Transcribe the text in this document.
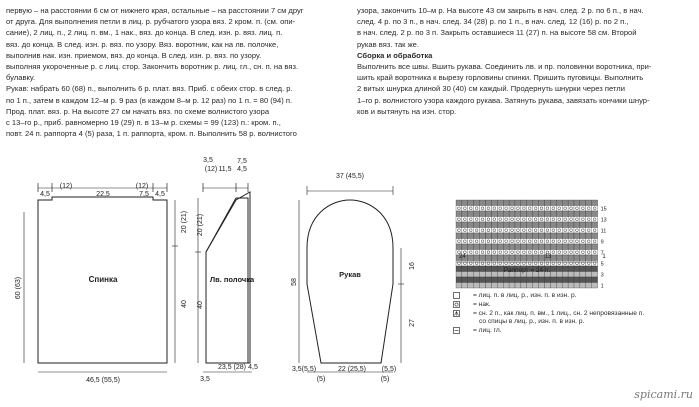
первую – на расстоянии 6 см от нижнего края, остальные – на расстоянии 7 см друг

от друга. Для выполнения петли в лиц. р. рубчатого узора вяз. 2 кром. п. (см. опи-

сание), 2 лиц. п., 2 лиц. п. вм., 1 нак., вяз. до конца. В след. изн. р. вяз. лиц. п.

вяз. до конца. В след. изн. р. вяз. по узору. Вяз. воротник, как на лв. полочке,

выполнив нак. изн. приемом, вяз. до конца. В след. изн. р. вяз. по узору.

выполняя укороченные р. с лиц. стор. Закончить воротник р. лиц. гл., сн. п. на вяз.

булавку.

Рукав: набрать 60 (68) п., выполнить 6 р. плат. вяз. Приб. с обеих стор. в след. р.

по 1 п., затем в каждом 12–м р. 9 раз (в каждом 8–м р. 12 раз) по 1 п. = 80 (94) п.

Прод. плат. вяз. р. На высоте 27 см начать вяз. по схеме волнистого узора

с 13–го р., приб. равномерно 19 (29) п. в 13–м р. схемы = 99 (123) п.: кром. п.,

повт. 24 п. раппорта 4 (5) раза, 1 п. раппорта, кром. п. Выполнить 58 р. волнистого

узора, закончить 10–м р. На высоте 43 см закрыть в нач. след. 2 р. по 6 п., в нач.

след. 4 р. по 3 п., в нач. след. 34 (28) р. по 1 п., в нач. след. 12 (16) р. по 2 п.,

в нач. след. 2 р. по 3 п. Закрыть оставшиеся 11 (27) п. на высоте 58 см. Второй

рукав вяз. так же.

Сборка и обработка

Выполнить все швы. Вшить рукава. Соединить лв. и пр. половинки воротника, при-

шить край воротника к вырезу горловины спинки. Пришить пуговицы. Выполнить

2 витых шнурка длиной 30 (40) см каждый. Продернуть шнурки через петли

1–го р. волнистого узора каждого рукава. Затянуть рукава, завязать кончики шнур-

ков и вытянуть на изн. стор.

Спинка
4,5
(12)
22,5
(12)
7,5 4,5
60 (63)
20 (21)
40
46,5 (55,5)
Лв. полочка
3,5
(12) 11,5
7,5
4,5
20 (21)
40
3,5
23,5 (28) 4,5
Рукав
37 (45,5)
58
16
27
3,5(5,5)
(5)
22 (25,5) (5,5)
(5)
15
13
11
9
7
5
3
1
24	13	1
Раппорт = 24 п.
= лиц. п. в лиц. р., изн. п. в изн. р.
= нак.
= сн. 2 п., как лиц. п. вм., 1 лиц., сн. 2 непровязанные п.
со спицы в лиц. р., изн. п. в изн. р.
= лиц. гл.
spicami.ru
